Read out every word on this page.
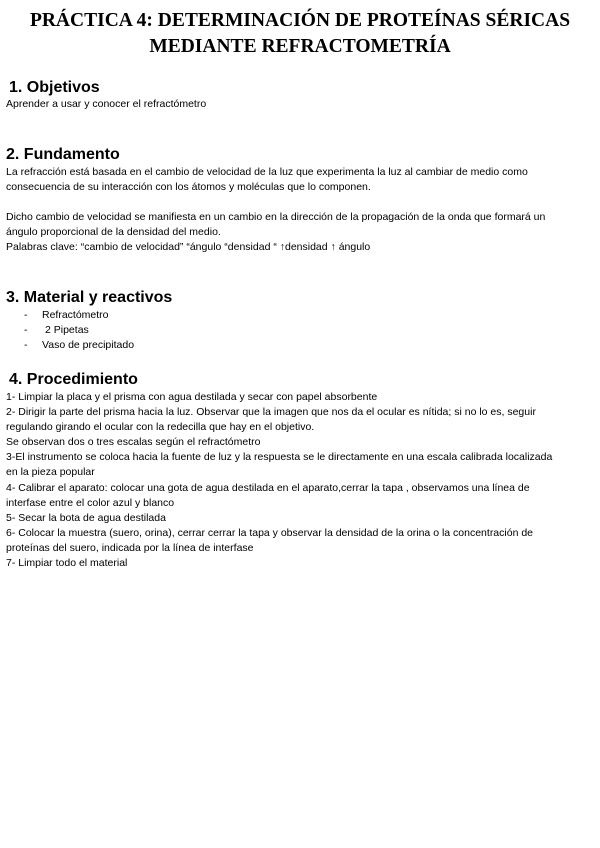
PRÁCTICA 4: DETERMINACIÓN DE PROTEÍNAS SÉRICAS
MEDIANTE REFRACTOMETRÍA
1. Objetivos
Aprender a usar y conocer el refractómetro
2. Fundamento
La refracción está basada en el cambio de velocidad de la luz que experimenta la luz al cambiar de medio como
consecuencia de su interacción con los átomos y moléculas que lo componen.
Dicho cambio de velocidad se manifiesta en un cambio en la dirección de la propagación de la onda que formará un
ángulo proporcional de la densidad del medio.
Palabras clave: “cambio de velocidad” “ángulo “densidad “ ↑densidad ↑ ángulo
3. Material y reactivos
- Refractómetro
- 2 Pipetas
- Vaso de precipitado
4. Procedimiento
1- Limpiar la placa y el prisma con agua destilada y secar con papel absorbente
2- Dirigir la parte del prisma hacia la luz. Observar que la imagen que nos da el ocular es nítida; si no lo es, seguir
regulando girando el ocular con la redecilla que hay en el objetivo.
Se observan dos o tres escalas según el refractómetro
3-El instrumento se coloca hacia la fuente de luz y la respuesta se le directamente en una escala calibrada localizada
en la pieza popular
4- Calibrar el aparato: colocar una gota de agua destilada en el aparato,cerrar la tapa , observamos una línea de
interfase entre el color azul y blanco
5- Secar la bota de agua destilada
6- Colocar la muestra (suero, orina), cerrar cerrar la tapa y observar la densidad de la orina o la concentración de
proteínas del suero, indicada por la línea de interfase
7- Limpiar todo el material
